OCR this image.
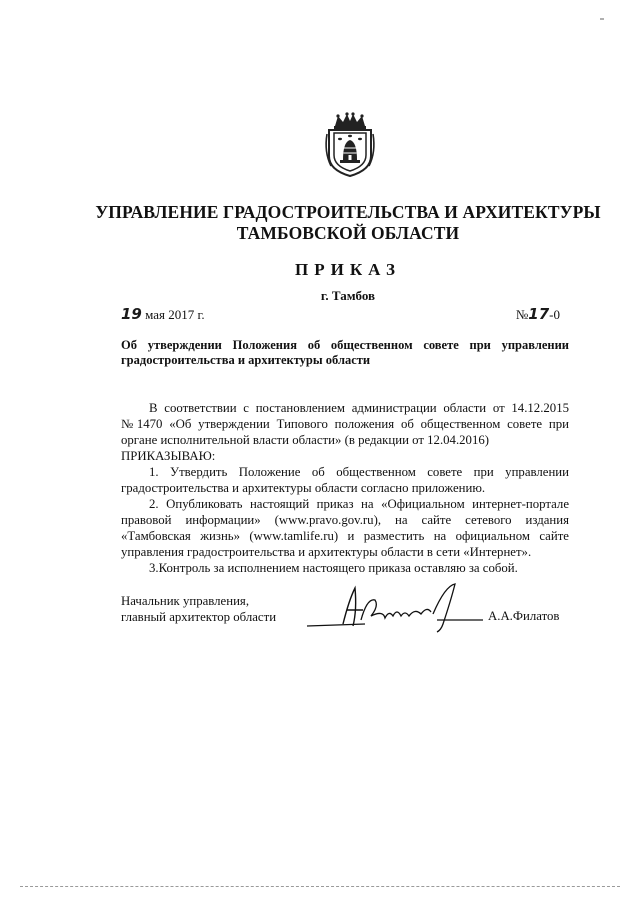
УПРАВЛЕНИЕ ГРАДОСТРОИТЕЛЬСТВА И АРХИТЕКТУРЫ
ТАМБОВСКОЙ ОБЛАСТИ
ПРИКАЗ
г. Тамбов
19 мая 2017 г.	№17-0
Об утверждении Положения об общественном совете при управлении градостроительства и архитектуры области

В соответствии с постановлением администрации области от 14.12.2015 №1470 «Об утверждении Типового положения об общественном совете при органе исполнительной власти области» (в редакции от 12.04.2016)

ПРИКАЗЫВАЮ:

1. Утвердить Положение об общественном совете при управлении градостроительства и архитектуры области согласно приложению.

2. Опубликовать настоящий приказ на «Официальном интернет-портале правовой информации» (www.pravo.gov.ru), на сайте сетевого издания «Тамбовская жизнь» (www.tamlife.ru) и разместить на официальном сайте управления градостроительства и архитектуры области в сети «Интернет».

3.Контроль за исполнением настоящего приказа оставляю за собой.

Начальник управления,
главный архитектор области	А.А.Филатов
